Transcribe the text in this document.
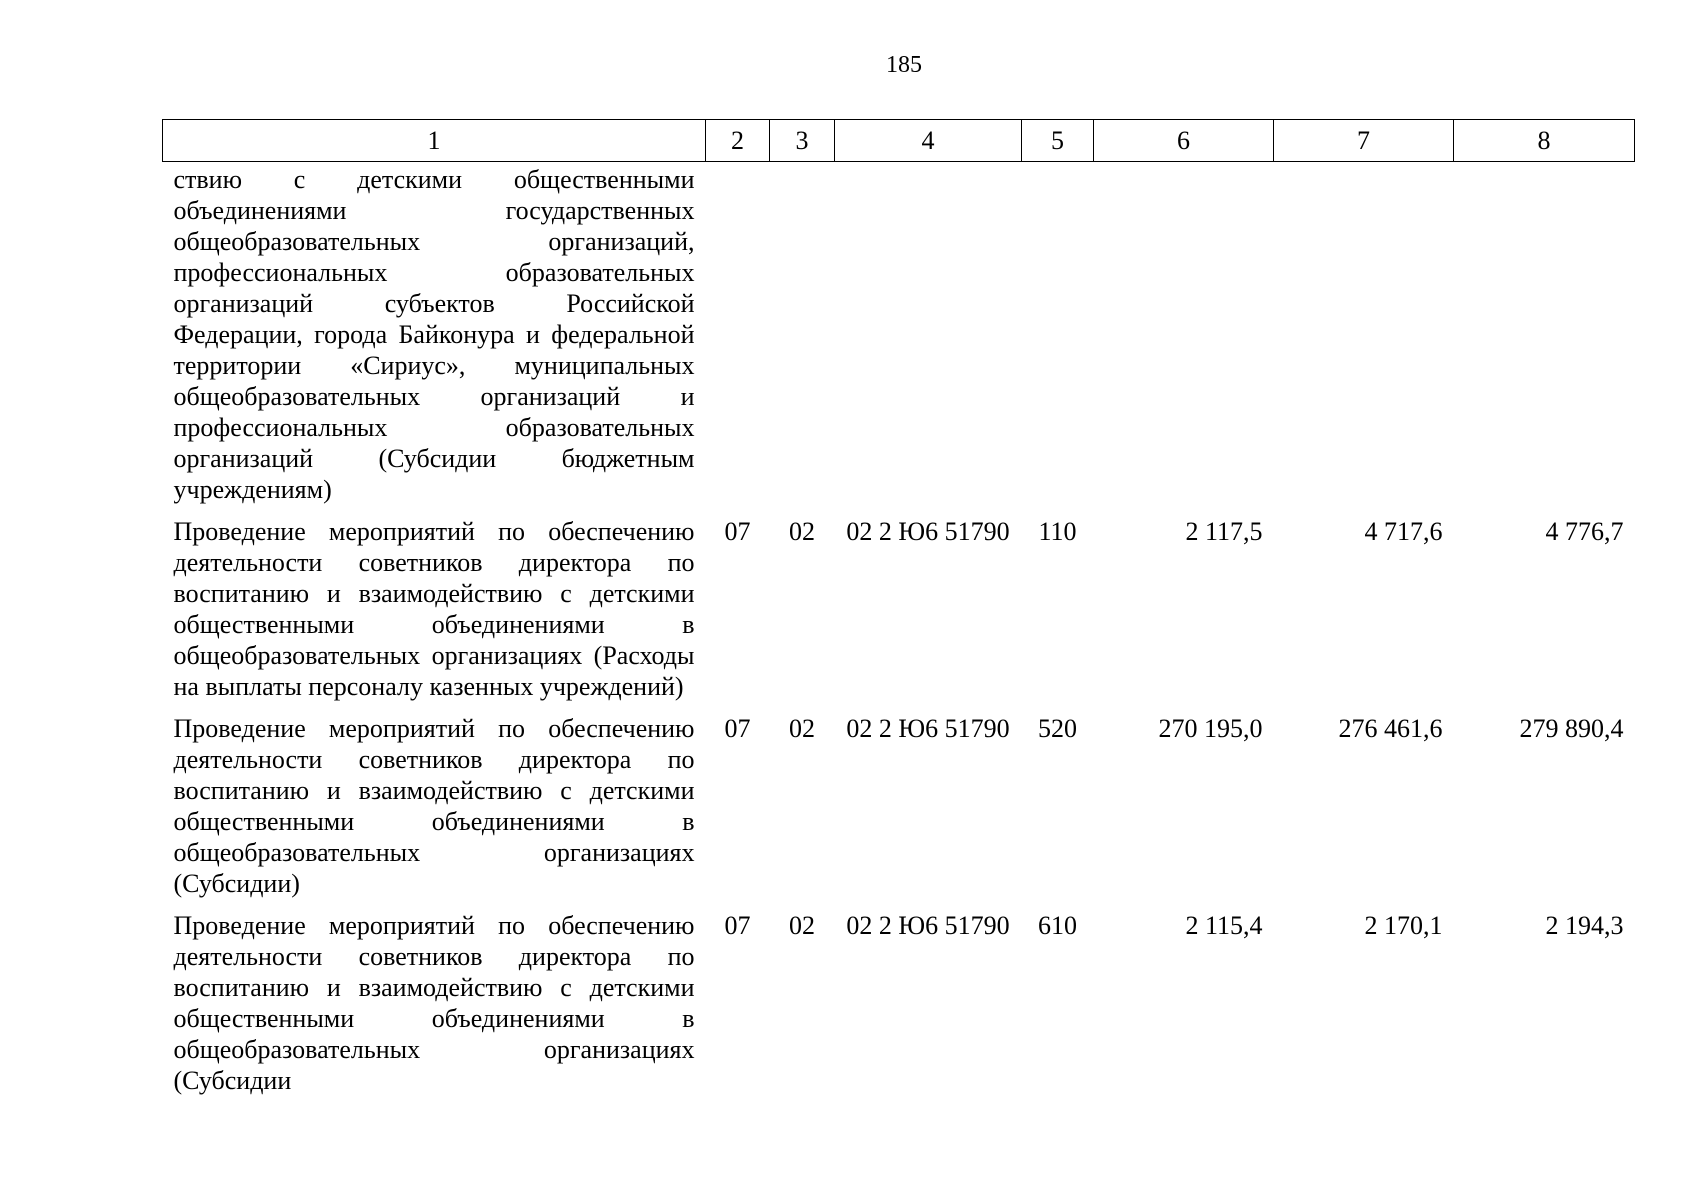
185
1	2	3	4	5	6	7	8
ствию с детскими общественными объединениями государственных общеобразовательных организаций, профессиональных образовательных организаций субъектов Российской Федерации, города Байконура и федеральной территории «Сириус», муниципальных общеобразовательных организаций и профессиональных образовательных организаций (Субсидии бюджетным учреждениям)							
Проведение мероприятий по обеспечению деятельности советников директора по воспитанию и взаимодействию с детскими общественными объединениями в общеобразовательных организациях (Расходы на выплаты персоналу казенных учреждений)	07	02	02 2 Ю6 51790	110	2 117,5	4 717,6	4 776,7
Проведение мероприятий по обеспечению деятельности советников директора по воспитанию и взаимодействию с детскими общественными объединениями в общеобразовательных организациях (Субсидии)	07	02	02 2 Ю6 51790	520	270 195,0	276 461,6	279 890,4
Проведение мероприятий по обеспечению деятельности советников директора по воспитанию и взаимодействию с детскими общественными объединениями в общеобразовательных организациях (Субсидии	07	02	02 2 Ю6 51790	610	2 115,4	2 170,1	2 194,3
